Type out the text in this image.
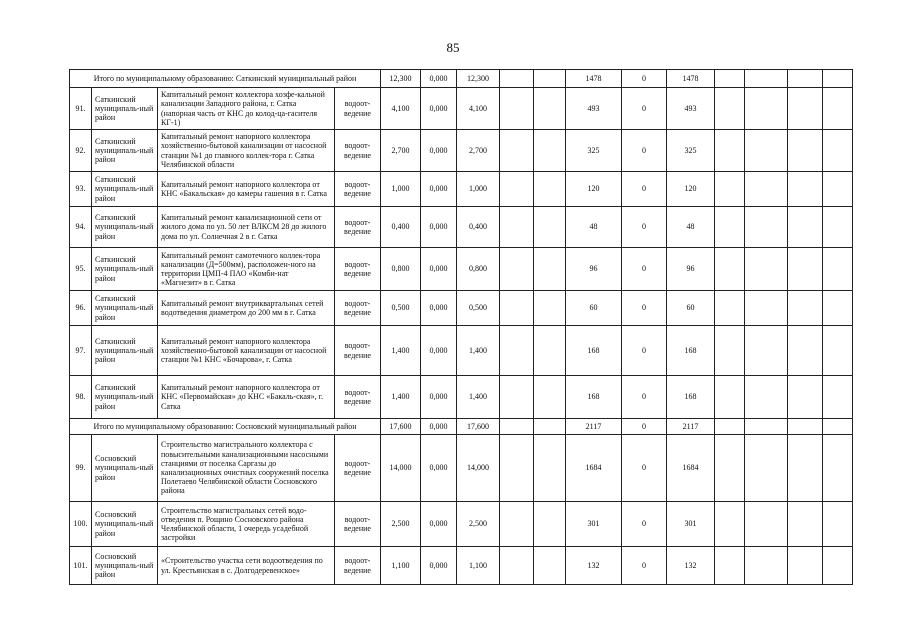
85
Итого по муниципальному образованию: Саткинский муниципальный район				12,300	0,000	12,300			1478	0	1478				
91.	Саткинский муниципаль-ный район	Капитальный ремонт коллектора хозфе-кальной канализации Западного района, г. Сатка (напорная часть от КНС до колод-ца-гасителя КГ-1)	водоот-ведение	4,100	0,000	4,100			493	0	493				
92.	Саткинский муниципаль-ный район	Капитальный ремонт напорного коллектора хозяйственно-бытовой канализации от насосной станции №1 до главного коллек-тора г. Сатка Челябинской области	водоот-ведение	2,700	0,000	2,700			325	0	325				
93.	Саткинский муниципаль-ный район	Капитальный ремонт напорного коллектора от КНС «Бакальская» до камеры гашения в г. Сатка	водоот-ведение	1,000	0,000	1,000			120	0	120				
94.	Саткинский муниципаль-ный район	Капитальный ремонт канализационной сети от жилого дома по ул. 50 лет ВЛКСМ 28 до жилого дома по ул. Солнечная 2 в г. Сатка	водоот-ведение	0,400	0,000	0,400			48	0	48				
95.	Саткинский муниципаль-ный район	Капитальный ремонт самотечного коллек-тора канализации (Д=500мм), расположен-ного на территории ЦМП-4 ПАО «Комби-нат «Магнезит» в г. Сатка	водоот-ведение	0,800	0,000	0,800			96	0	96				
96.	Саткинский муниципаль-ный район	Капитальный ремонт внутриквартальных сетей водотведения диаметром до 200 мм в г. Сатка	водоот-ведение	0,500	0,000	0,500			60	0	60				
97.	Саткинский муниципаль-ный район	Капитальный ремонт напорного коллектора хозяйственно-бытовой канализации от насосной станции №1 КНС «Бочарова», г. Сатка	водоот-ведение	1,400	0,000	1,400			168	0	168				
98.	Саткинский муниципаль-ный район	Капитальный ремонт напорного коллектора от КНС «Первомайская» до КНС «Бакаль-ская», г. Сатка	водоот-ведение	1,400	0,000	1,400			168	0	168				
Итого по муниципальному образованию: Сосновский муниципальный район				17,600	0,000	17,600			2117	0	2117				
99.	Сосновский муниципаль-ный район	Строительство магистрального коллектора с повысительными канализационными насосными станциями от поселка Саргазы до канализационных очистных сооружений поселка Полетаево Челябинской области Сосновского района	водоот-ведение	14,000	0,000	14,000			1684	0	1684				
100.	Сосновский муниципаль-ный район	Строительство магистральных сетей водо-отведения п. Рощино Сосновского района Челябинской области, 1 очередь усадебной застройки	водоот-ведение	2,500	0,000	2,500			301	0	301				
101.	Сосновский муниципаль-ный район	«Строительство участка сети водоотведения по ул. Крестьянская в с. Долгодеревенское»	водоот-ведение	1,100	0,000	1,100			132	0	132				
